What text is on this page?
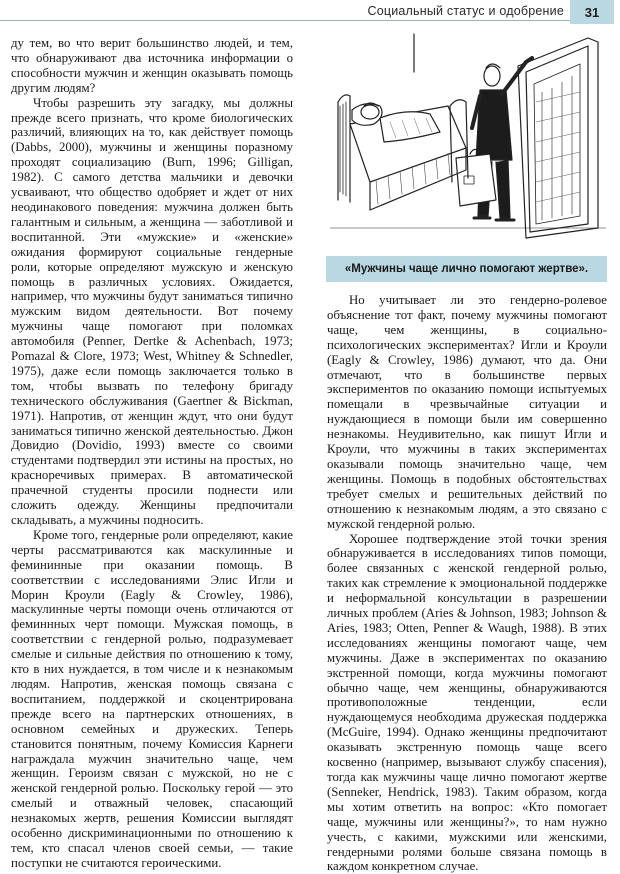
Социальный статус и одобрение	31

ду тем, во что верит большинство людей, и тем, что обнаруживают два источника информации о способности мужчин и женщин оказывать помощь другим людям?

Чтобы разрешить эту загадку, мы должны прежде всего признать, что кроме биологических различий, влияющих на то, как действует помощь (Dabbs, 2000), мужчины и женщины поразному проходят социализацию (Burn, 1996; Gilligan, 1982). С самого детства мальчики и девочки усваивают, что общество одобряет и ждет от них неодинакового поведения: мужчина должен быть галантным и сильным, а женщина — заботливой и воспитанной. Эти «мужские» и «женские» ожидания формируют социальные гендерные роли, которые определяют мужскую и женскую помощь в различных условиях. Ожидается, например, что мужчины будут заниматься типично мужским видом деятельности. Вот почему мужчины чаще помогают при поломках автомобиля (Penner, Dertke & Achenbach, 1973; Pomazal & Clore, 1973; West, Whitney & Schnedler, 1975), даже если помощь заключается только в том, чтобы вызвать по телефону бригаду технического обслуживания (Gaertner & Bickman, 1971). Напротив, от женщин ждут, что они будут заниматься типично женской деятельностью. Джон Довидио (Dovidio, 1993) вместе со своими студентами подтвердил эти истины на простых, но красноречивых примерах. В автоматической прачечной студенты просили поднести или сложить одежду. Женщины предпочитали складывать, а мужчины подносить.

Кроме того, гендерные роли определяют, какие черты рассматриваются как маскулинные и фемининные при оказании помощь. В соответствии с исследованиями Элис Игли и Морин Кроули (Eagly & Crowley, 1986), маскулинные черты помощи очень отличаются от феминнных черт помощи. Мужская помощь, в соответствии с гендерной ролью, подразумевает смелые и сильные действия по отношению к тому, кто в них нуждается, в том числе и к незнакомым людям. Напротив, женская помощь связана с воспитанием, поддержкой и скоцентрирована прежде всего на партнерских отношениях, в основном семейных и дружеских. Теперь становится понятным, почему Комиссия Карнеги награждала мужчин значительно чаще, чем женщин. Героизм связан с мужской, но не с женской гендерной ролью. Поскольку герой — это смелый и отважный человек, спасающий незнакомых жертв, решения Комиссии выглядят особенно дискриминационными по отношению к тем, кто спасал членов своей семьи, — такие поступки не считаются героическими.

«Мужчины чаще лично помогают жертве».

Но учитывает ли это гендерно-ролевое объяснение тот факт, почему мужчины помогают чаще, чем женщины, в социально-психологических экспериментах? Игли и Кроули (Eagly & Crowley, 1986) думают, что да. Они отмечают, что в большинстве первых экспериментов по оказанию помощи испытуемых помещали в чрезвычайные ситуации и нуждающиеся в помощи были им совершенно незнакомы. Неудивительно, как пишут Игли и Кроули, что мужчины в таких экспериментах оказывали помощь значительно чаще, чем женщины. Помощь в подобных обстоятельствах требует смелых и решительных действий по отношению к незнакомым людям, а это связано с мужской гендерной ролью.

Хорошее подтверждение этой точки зрения обнаруживается в исследованиях типов помощи, более связанных с женской гендерной ролью, таких как стремление к эмоциональной поддержке и неформальной консультации в разрешении личных проблем (Aries & Johnson, 1983; Johnson & Aries, 1983; Otten, Penner & Waugh, 1988). В этих исследованиях женщины помогают чаще, чем мужчины. Даже в экспериментах по оказанию экстренной помощи, когда мужчины помогают обычно чаще, чем женщины, обнаруживаются противоположные тенденции, если нуждающемуся необходима дружеская поддержка (McGuire, 1994). Однако женщины предпочитают оказывать экстренную помощь чаще всего косвенно (например, вызывают службу спасения), тогда как мужчины чаще лично помогают жертве (Senneker, Hendrick, 1983). Таким образом, когда мы хотим ответить на вопрос: «Кто помогает чаще, мужчины или женщины?», то нам нужно учесть, с какими, мужскими или женскими, гендерными ролями больше связана помощь в каждом конкретном случае.
